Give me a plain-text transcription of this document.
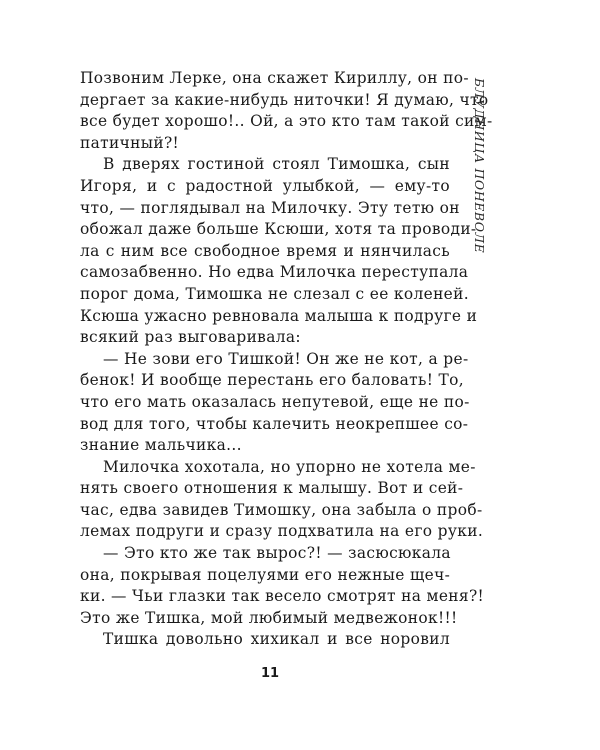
Позвоним Лерке, она скажет Кириллу, он по-
дергает за какие-нибудь ниточки! Я думаю, что
все будет хорошо!.. Ой, а это кто там такой сим-
патичный?!
В дверях гостиной стоял Тимошка, сын
Игоря, и с радостной улыбкой, — ему-то
что, — поглядывал на Милочку. Эту тетю он
обожал даже больше Ксюши, хотя та проводи-
ла с ним все свободное время и нянчилась
самозабвенно. Но едва Милочка переступала
порог дома, Тимошка не слезал с ее коленей.
Ксюша ужасно ревновала малыша к подруге и
всякий раз выговаривала:
— Не зови его Тишкой! Он же не кот, а ре-
бенок! И вообще перестань его баловать! То,
что его мать оказалась непутевой, еще не по-
вод для того, чтобы калечить неокрепшее со-
знание мальчика...
Милочка хохотала, но упорно не хотела ме-
нять своего отношения к малышу. Вот и сей-
час, едва завидев Тимошку, она забыла о проб-
лемах подруги и сразу подхватила на его руки.
— Это кто же так вырос?! — засюсюкала
она, покрывая поцелуями его нежные щеч-
ки. — Чьи глазки так весело смотрят на меня?!
Это же Тишка, мой любимый медвежонок!!!
Тишка довольно хихикал и все норовил
БЛУДНИЦА ПОНЕВОЛЕ
11
